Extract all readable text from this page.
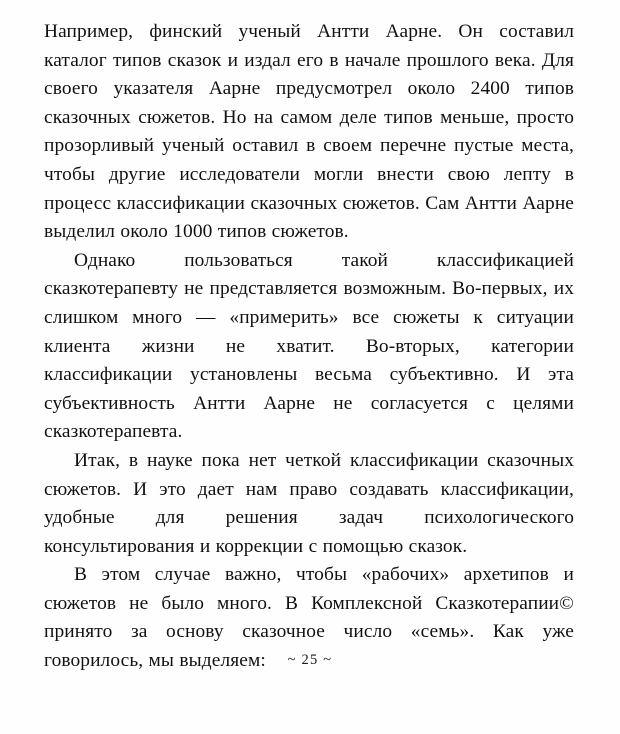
Например, финский ученый Антти Аарне. Он составил каталог типов сказок и издал его в начале прошлого века. Для своего указателя Аарне предусмотрел около 2400 типов сказочных сюжетов. Но на самом деле типов меньше, просто прозорливый ученый оставил в своем перечне пустые места, чтобы другие исследователи могли внести свою лепту в процесс классификации сказочных сюжетов. Сам Антти Аарне выделил около 1000 типов сюжетов.

Однако пользоваться такой классификацией сказкотерапевту не представляется возможным. Во-первых, их слишком много — «примерить» все сюжеты к ситуации клиента жизни не хватит. Во-вторых, категории классификации установлены весьма субъективно. И эта субъективность Антти Аарне не согласуется с целями сказкотерапевта.

Итак, в науке пока нет четкой классификации сказочных сюжетов. И это дает нам право создавать классификации, удобные для решения задач психологического консультирования и коррекции с помощью сказок.

В этом случае важно, чтобы «рабочих» архетипов и сюжетов не было много. В Комплексной Сказкотерапии© принято за основу сказочное число «семь». Как уже говорилось, мы выделяем:	~ 25 ~
